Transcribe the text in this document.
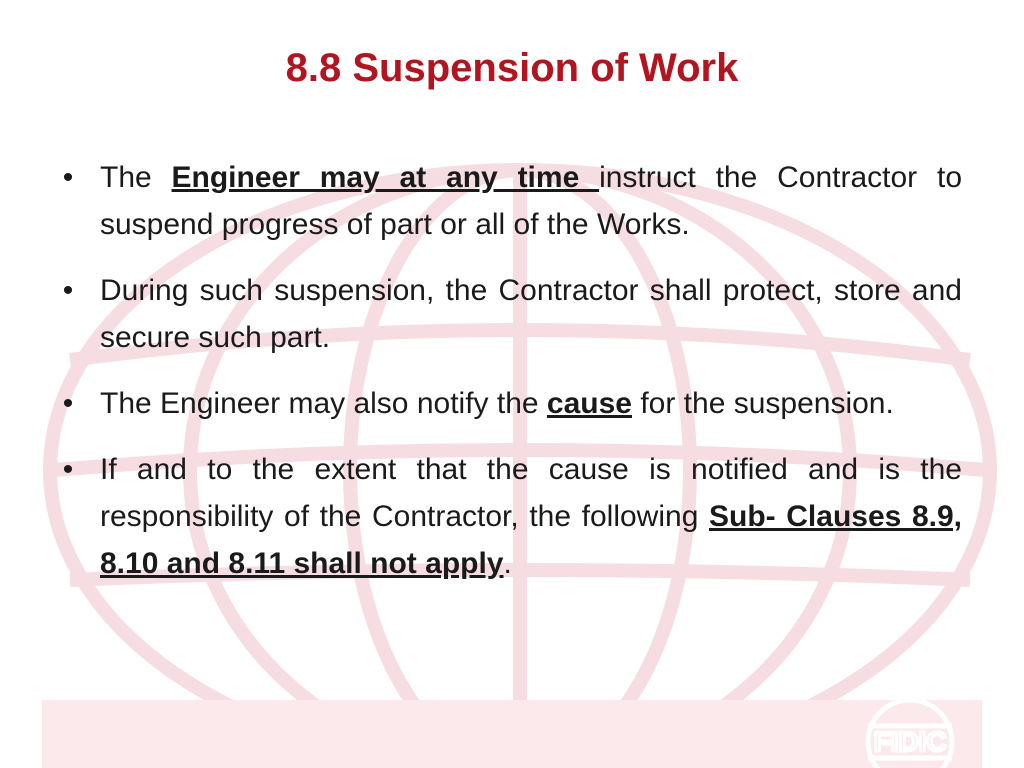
FIDIC
8.8 Suspension of Work
• The Engineer may at any time instruct the Contractor to suspend progress of part or all of the Works.
• During such suspension, the Contractor shall protect, store and secure such part.
• The Engineer may also notify the cause for the suspension.
• If and to the extent that the cause is notified and is the responsibility of the Contractor, the following Sub- Clauses 8.9, 8.10 and 8.11 shall not apply.
